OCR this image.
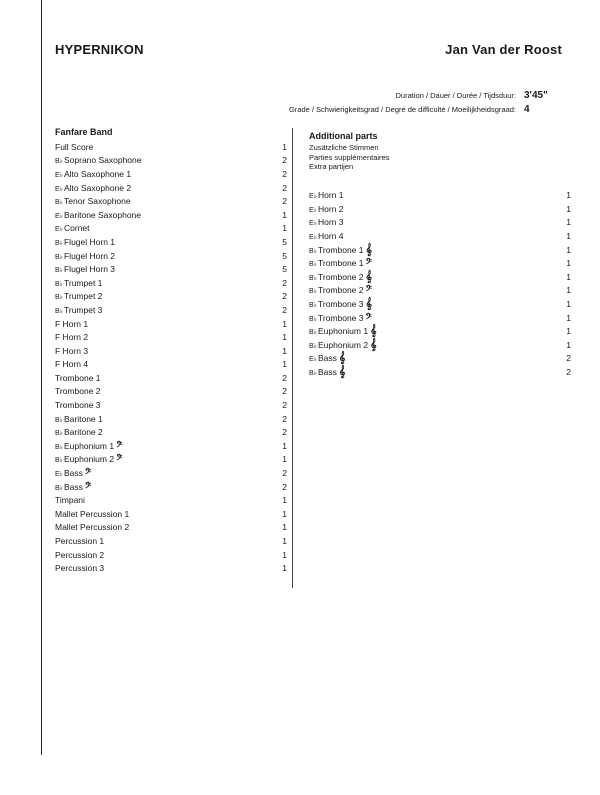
HYPERNIKON	Jan Van der Roost
Duration / Dauer / Durée / Tijdsduur: 3'45"
Grade / Schwierigkeitsgrad / Degré de difficulté / Moeilijkheidsgraad: 4
Fanfare Band
Full Score	1
B♭Soprano Saxophone	2
E♭Alto Saxophone 1	2
E♭Alto Saxophone 2	2
B♭Tenor Saxophone	2
E♭Baritone Saxophone	1
E♭Cornet	1
B♭Flugel Horn 1	5
B♭Flugel Horn 2	5
B♭Flugel Horn 3	5
B♭Trumpet 1	2
B♭Trumpet 2	2
B♭Trumpet 3	2
F Horn 1	1
F Horn 2	1
F Horn 3	1
F Horn 4	1
Trombone 1	2
Trombone 2	2
Trombone 3	2
B♭Baritone 1	2
B♭Baritone 2	2
B♭Euphonium 1 𝄢	1
B♭Euphonium 2 𝄢	1
E♭Bass 𝄢	2
B♭Bass 𝄢	2
Timpani	1
Mallet Percussion 1	1
Mallet Percussion 2	1
Percussion 1	1
Percussion 2	1
Percussion 3	1
Additional parts
Zusätzliche Stimmen
Parties supplémentaires
Extra partijen
E♭Horn 1	1
E♭Horn 2	1
E♭Horn 3	1
E♭Horn 4	1
B♭Trombone 1 𝄞	1
B♭Trombone 1 𝄢	1
B♭Trombone 2 𝄞	1
B♭Trombone 2 𝄢	1
B♭Trombone 3 𝄞	1
B♭Trombone 3 𝄢	1
B♭Euphonium 1 𝄞	1
B♭Euphonium 2 𝄞	1
E♭Bass 𝄞	2
B♭Bass 𝄞	2
